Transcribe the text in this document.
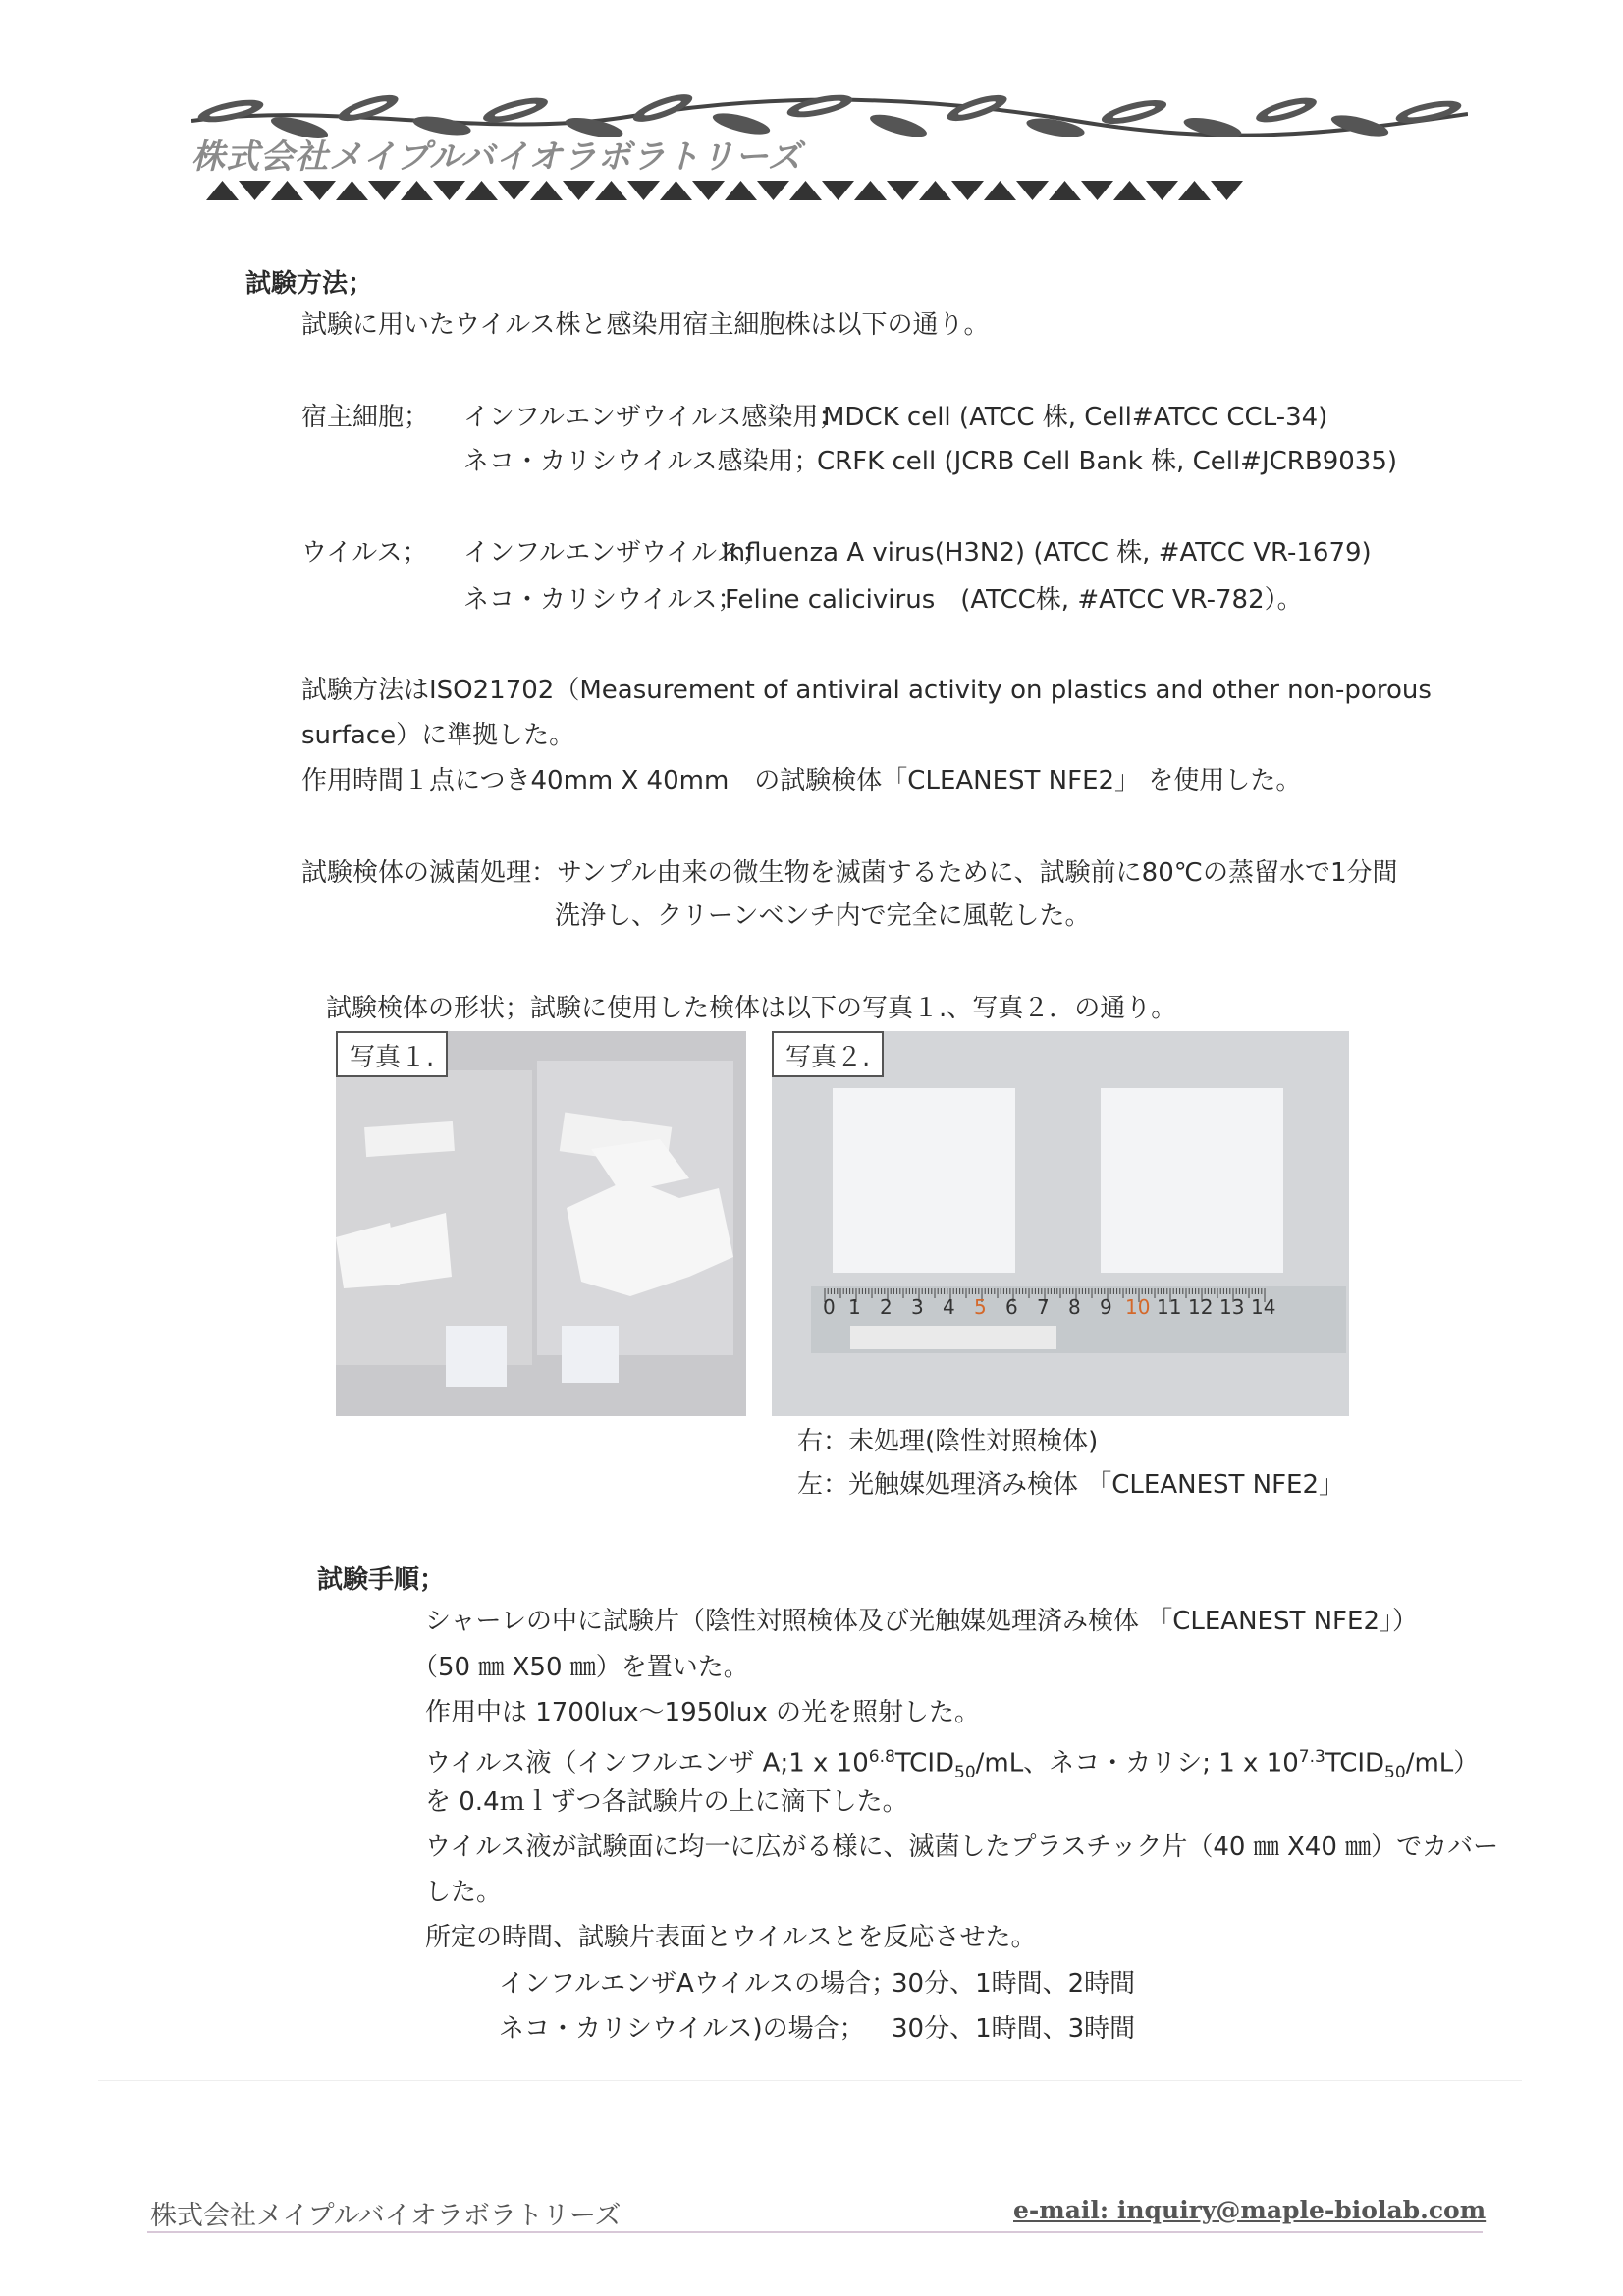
株式会社メイプルバイオラボラトリーズ
試験方法；
試験に用いたウイルス株と感染用宿主細胞株は以下の通り。
宿主細胞； インフルエンザウイルス感染用；
MDCK cell (ATCC 株, Cell#ATCC CCL-34)
ネコ・カリシウイルス感染用；
CRFK cell (JCRB Cell Bank 株, Cell#JCRB9035)
ウイルス； インフルエンザウイルス；
Influenza A virus(H3N2) (ATCC 株, #ATCC VR-1679)
ネコ・カリシウイルス；
Feline calicivirus　(ATCC株, #ATCC VR-782）。
試験方法はISO21702（Measurement of antiviral activity on plastics and other non-porous
surface）に準拠した。
作用時間１点につき40mm X 40mm　の試験検体「CLEANEST NFE2」 を使用した。
試験検体の滅菌処理：サンプル由来の微生物を滅菌するために、試験前に80℃の蒸留水で1分間
洗浄し、クリーンベンチ内で完全に風乾した。
試験検体の形状；試験に使用した検体は以下の写真１.、写真２．の通り。
写真１.
0 1 2 3 4 5 6 7 8 9 10 11 12 13 14
写真２.
右：未処理(陰性対照検体)
左：光触媒処理済み検体 「CLEANEST NFE2」
試験手順；
シャーレの中に試験片（陰性対照検体及び光触媒処理済み検体 「CLEANEST NFE2」）
（50 ㎜ X50 ㎜）を置いた。
作用中は 1700lux～1950lux の光を照射した。
ウイルス液（インフルエンザ A;1 x $10^{6.8}TCID_{50}/mL$、ネコ・カリシ; 1 x $10^{7.3}TCID_{50}/mL$）
を 0.4ｍｌずつ各試験片の上に滴下した。
ウイルス液が試験面に均一に広がる様に、滅菌したプラスチック片（40 ㎜ X40 ㎜）でカバー
した。
所定の時間、試験片表面とウイルスとを反応させた。
インフルエンザAウイルスの場合；
30分、1時間、2時間
ネコ・カリシウイルス)の場合； 30分、1時間、3時間
株式会社メイプルバイオラボラトリーズ	e-mail: inquiry@maple-biolab.com
